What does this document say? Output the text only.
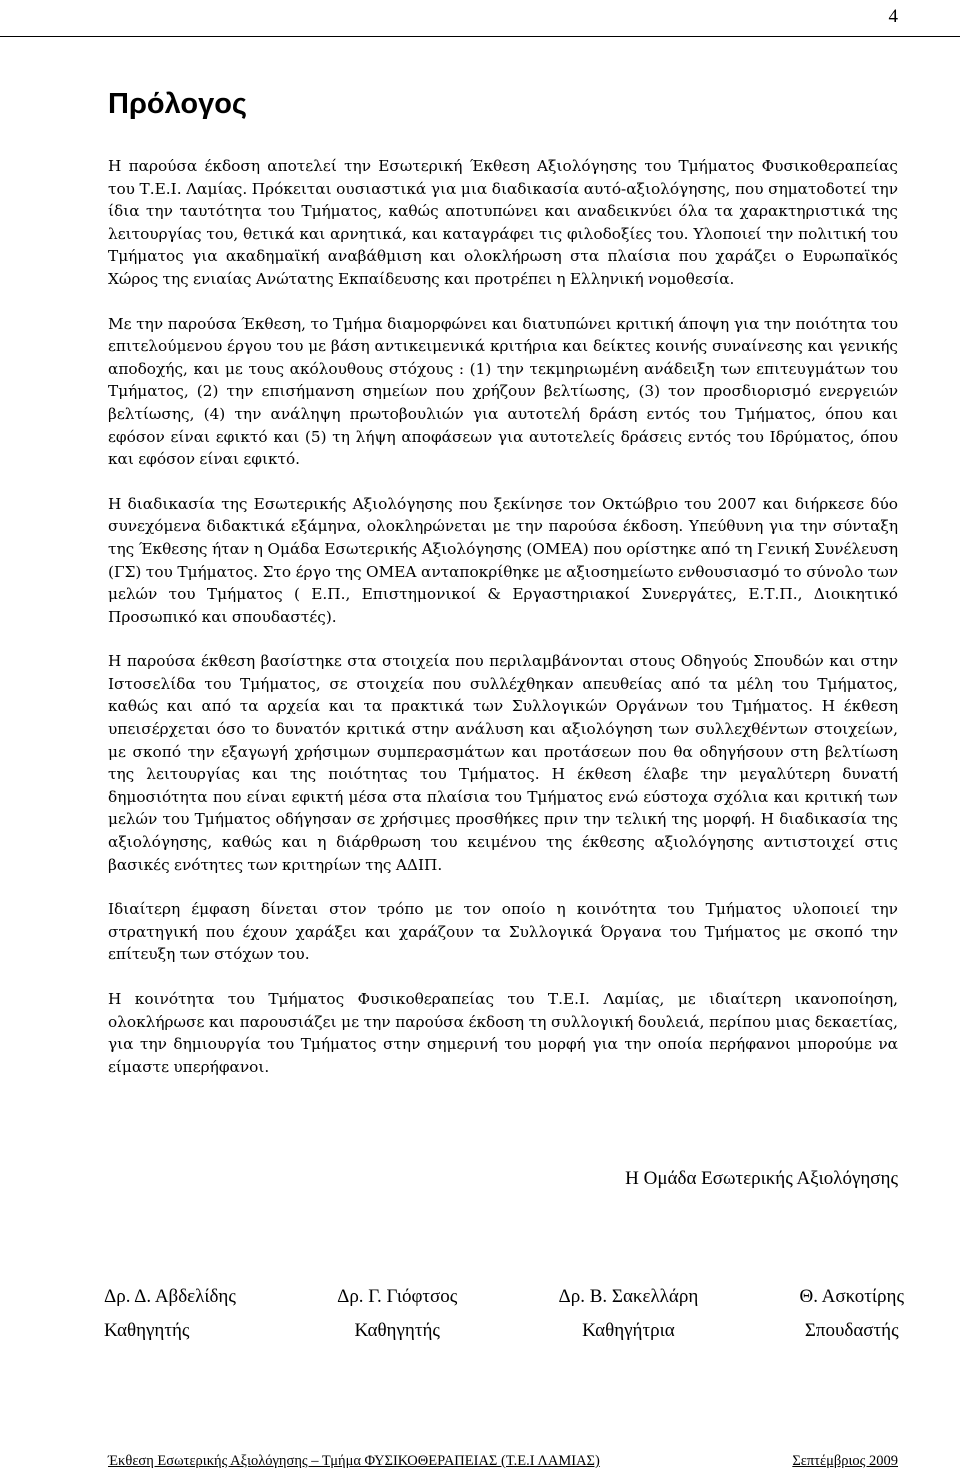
4
Πρόλογος

Η παρούσα έκδοση αποτελεί την Εσωτερική Έκθεση Αξιολόγησης του Τμήματος Φυσικοθεραπείας του Τ.Ε.Ι. Λαμίας. Πρόκειται ουσιαστικά για μια διαδικασία αυτό-αξιολόγησης, που σηματοδοτεί την ίδια την ταυτότητα του Τμήματος, καθώς αποτυπώνει και αναδεικνύει όλα τα χαρακτηριστικά της λειτουργίας του, θετικά και αρνητικά, και καταγράφει τις φιλοδοξίες του. Υλοποιεί την πολιτική του Τμήματος για ακαδημαϊκή αναβάθμιση και ολοκλήρωση στα πλαίσια που χαράζει ο Ευρωπαϊκός Χώρος της ενιαίας Ανώτατης Εκπαίδευσης και προτρέπει η Ελληνική νομοθεσία.

Με την παρούσα Έκθεση, το Τμήμα διαμορφώνει και διατυπώνει κριτική άποψη για την ποιότητα του επιτελούμενου έργου του με βάση αντικειμενικά κριτήρια και δείκτες κοινής συναίνεσης και γενικής αποδοχής, και με τους ακόλουθους στόχους : (1) την τεκμηριωμένη ανάδειξη των επιτευγμάτων του Τμήματος, (2) την επισήμανση σημείων που χρήζουν βελτίωσης, (3) τον προσδιορισμό ενεργειών βελτίωσης, (4) την ανάληψη πρωτοβουλιών για αυτοτελή δράση εντός του Τμήματος, όπου και εφόσον είναι εφικτό και (5) τη λήψη αποφάσεων για αυτοτελείς δράσεις εντός του Ιδρύματος, όπου και εφόσον είναι εφικτό.

Η διαδικασία της Εσωτερικής Αξιολόγησης που ξεκίνησε τον Οκτώβριο του 2007 και διήρκεσε δύο συνεχόμενα διδακτικά εξάμηνα, ολοκληρώνεται με την παρούσα έκδοση. Υπεύθυνη για την σύνταξη της Έκθεσης ήταν η Ομάδα Εσωτερικής Αξιολόγησης (ΟΜΕΑ) που ορίστηκε από τη Γενική Συνέλευση (ΓΣ) του Τμήματος. Στο έργο της ΟΜΕΑ ανταποκρίθηκε με αξιοσημείωτο ενθουσιασμό το σύνολο των μελών του Τμήματος ( Ε.Π., Επιστημονικοί & Εργαστηριακοί Συνεργάτες, Ε.Τ.Π., Διοικητικό Προσωπικό και σπουδαστές).

Η παρούσα έκθεση βασίστηκε στα στοιχεία που περιλαμβάνονται στους Οδηγούς Σπουδών και στην Ιστοσελίδα του Τμήματος, σε στοιχεία που συλλέχθηκαν απευθείας από τα μέλη του Τμήματος, καθώς και από τα αρχεία και τα πρακτικά των Συλλογικών Οργάνων του Τμήματος. Η έκθεση υπεισέρχεται όσο το δυνατόν κριτικά στην ανάλυση και αξιολόγηση των συλλεχθέντων στοιχείων, με σκοπό την εξαγωγή χρήσιμων συμπερασμάτων και προτάσεων που θα οδηγήσουν στη βελτίωση της λειτουργίας και της ποιότητας του Τμήματος. Η έκθεση έλαβε την μεγαλύτερη δυνατή δημοσιότητα που είναι εφικτή μέσα στα πλαίσια του Τμήματος ενώ εύστοχα σχόλια και κριτική των μελών του Τμήματος οδήγησαν σε χρήσιμες προσθήκες πριν την τελική της μορφή. Η διαδικασία της αξιολόγησης, καθώς και η διάρθρωση του κειμένου της έκθεσης αξιολόγησης αντιστοιχεί στις βασικές ενότητες των κριτηρίων της ΑΔΙΠ.

Ιδιαίτερη έμφαση δίνεται στον τρόπο με τον οποίο η κοινότητα του Τμήματος υλοποιεί την στρατηγική που έχουν χαράξει και χαράζουν τα Συλλογικά Όργανα του Τμήματος με σκοπό την επίτευξη των στόχων του.

Η κοινότητα του Τμήματος Φυσικοθεραπείας του Τ.Ε.Ι. Λαμίας, με ιδιαίτερη ικανοποίηση, ολοκλήρωσε και παρουσιάζει με την παρούσα έκδοση τη συλλογική δουλειά, περίπου μιας δεκαετίας, για την δημιουργία του Τμήματος στην σημερινή του μορφή για την οποία περήφανοι μπορούμε να είμαστε υπερήφανοι.

Η Ομάδα Εσωτερικής Αξιολόγησης
Δρ. Δ. Αβδελίδης
Καθηγητής
Δρ. Γ. Γιόφτσος
Καθηγητής
Δρ. Β. Σακελλάρη
Καθηγήτρια
Θ. Ασκοτίρης
Σπουδαστής
Έκθεση Εσωτερικής Αξιολόγησης – Τμήμα ΦΥΣΙΚΟΘΕΡΑΠΕΙΑΣ (Τ.Ε.Ι ΛΑΜΙΑΣ)	Σεπτέμβριος 2009
